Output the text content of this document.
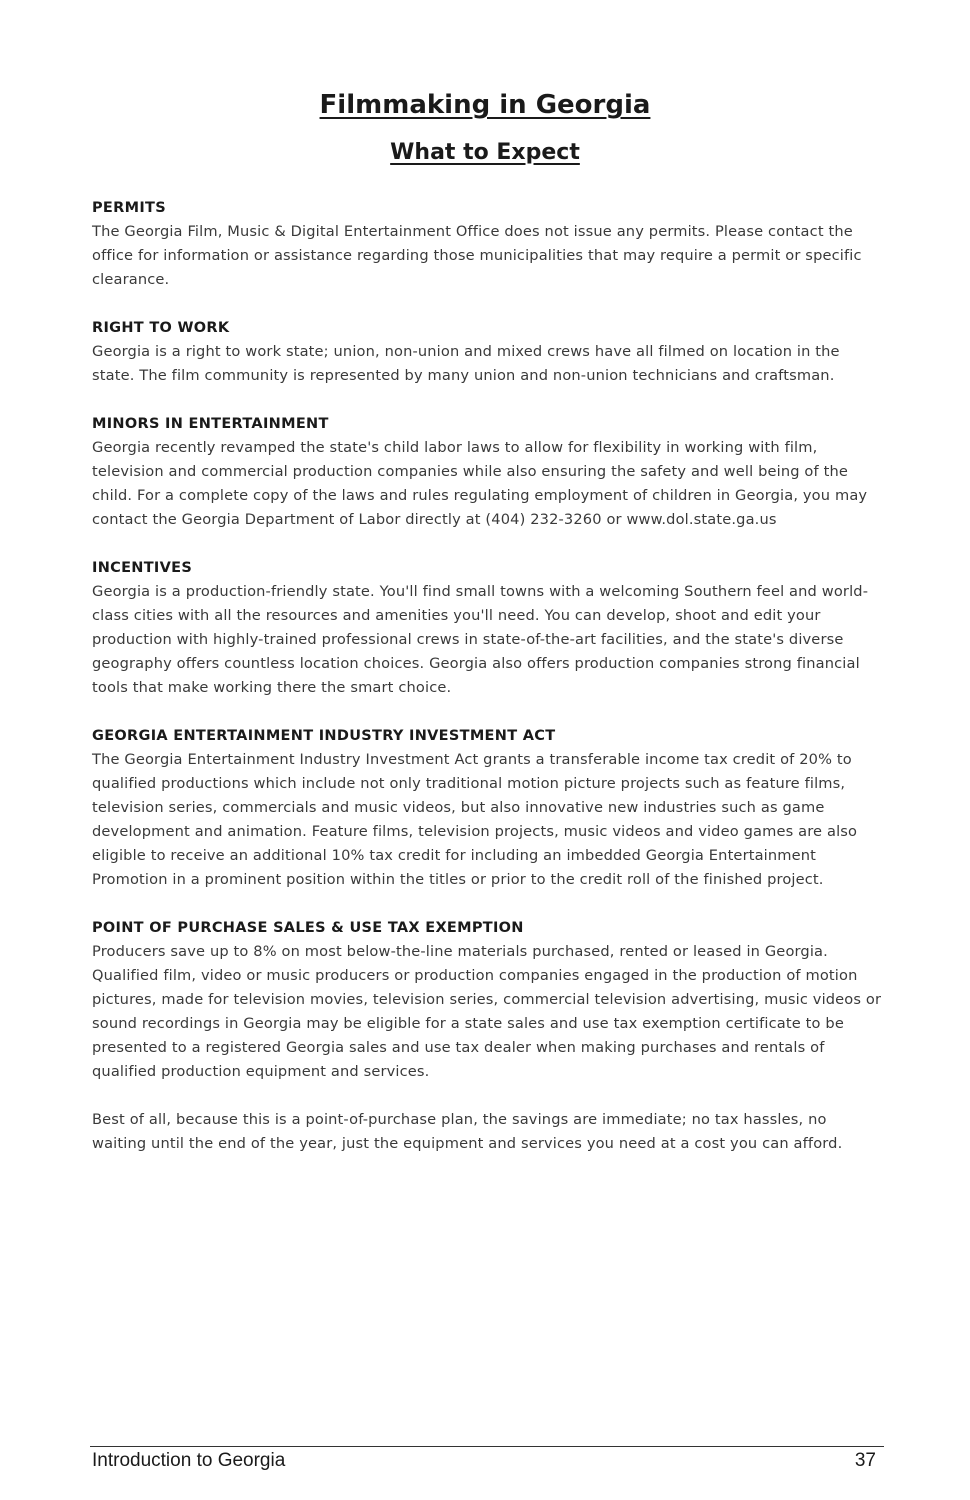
Filmmaking in Georgia
What to Expect

PERMITS

The Georgia Film, Music & Digital Entertainment Office does not issue any permits. Please contact the office for information or assistance regarding those municipalities that may require a permit or specific clearance.

RIGHT TO WORK

Georgia is a right to work state; union, non-union and mixed crews have all filmed on location in the state. The film community is represented by many union and non-union technicians and craftsman.

MINORS IN ENTERTAINMENT

Georgia recently revamped the state's child labor laws to allow for flexibility in working with film, television and commercial production companies while also ensuring the safety and well being of the child. For a complete copy of the laws and rules regulating employment of children in Georgia, you may contact the Georgia Department of Labor directly at (404) 232-3260 or www.dol.state.ga.us

INCENTIVES

Georgia is a production-friendly state. You'll find small towns with a welcoming Southern feel and world-class cities with all the resources and amenities you'll need. You can develop, shoot and edit your production with highly-trained professional crews in state-of-the-art facilities, and the state's diverse geography offers countless location choices. Georgia also offers production companies strong financial tools that make working there the smart choice.

GEORGIA ENTERTAINMENT INDUSTRY INVESTMENT ACT

The Georgia Entertainment Industry Investment Act grants a transferable income tax credit of 20% to qualified productions which include not only traditional motion picture projects such as feature films, television series, commercials and music videos, but also innovative new industries such as game development and animation. Feature films, television projects, music videos and video games are also eligible to receive an additional 10% tax credit for including an imbedded Georgia Entertainment Promotion in a prominent position within the titles or prior to the credit roll of the finished project.

POINT OF PURCHASE SALES & USE TAX EXEMPTION

Producers save up to 8% on most below-the-line materials purchased, rented or leased in Georgia. Qualified film, video or music producers or production companies engaged in the production of motion pictures, made for television movies, television series, commercial television advertising, music videos or sound recordings in Georgia may be eligible for a state sales and use tax exemption certificate to be presented to a registered Georgia sales and use tax dealer when making purchases and rentals of qualified production equipment and services.

Best of all, because this is a point-of-purchase plan, the savings are immediate; no tax hassles, no waiting until the end of the year, just the equipment and services you need at a cost you can afford.

Introduction to Georgia	37
